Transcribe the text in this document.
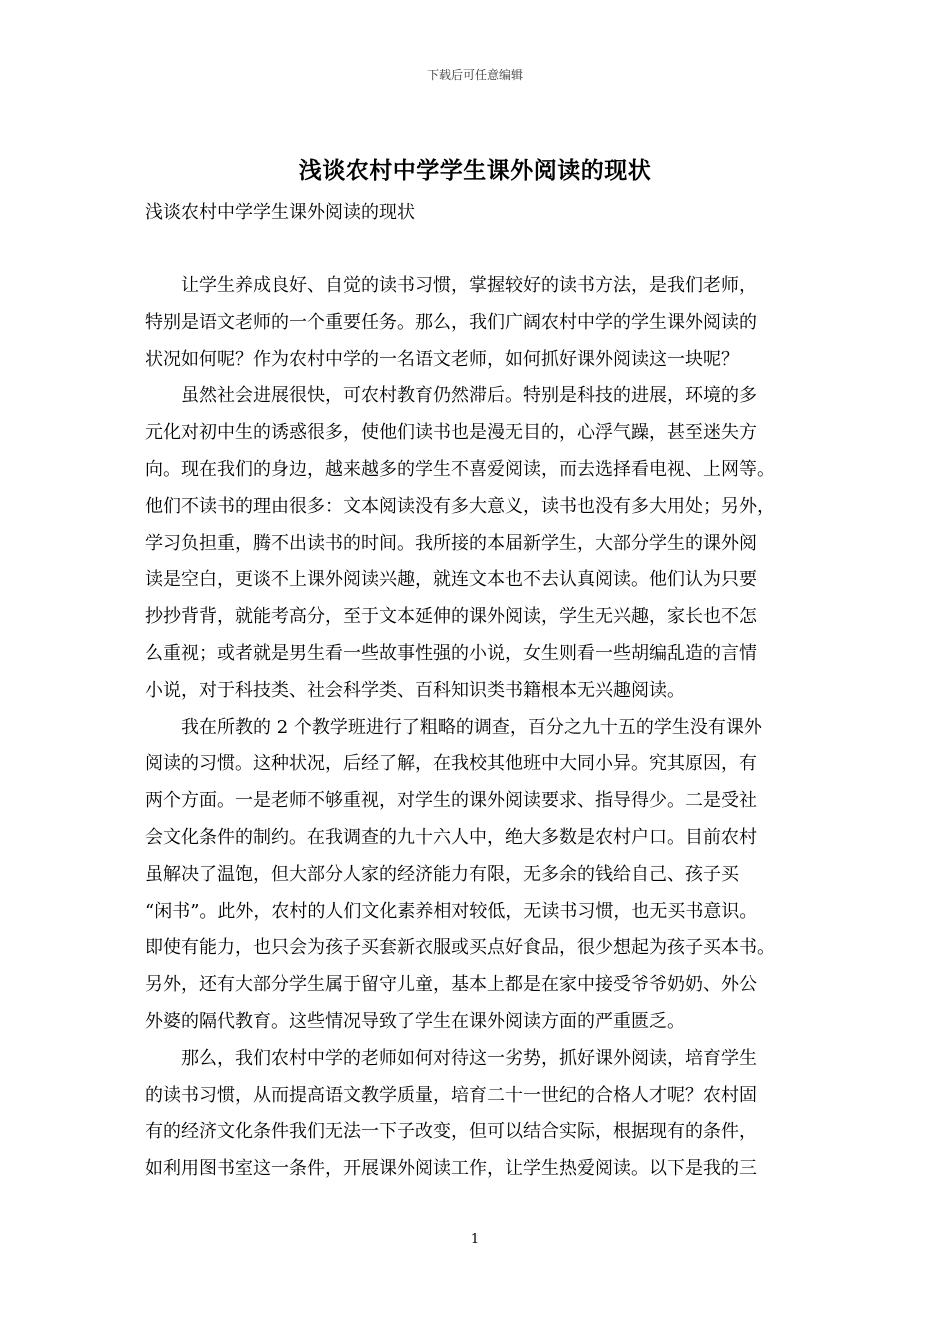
下载后可任意编辑
浅谈农村中学学生课外阅读的现状
浅谈农村中学学生课外阅读的现状
　　让学生养成良好、自觉的读书习惯，掌握较好的读书方法，是我们老师，
特别是语文老师的一个重要任务。那么，我们广阔农村中学的学生课外阅读的
状况如何呢？作为农村中学的一名语文老师，如何抓好课外阅读这一块呢？
　　虽然社会进展很快，可农村教育仍然滞后。特别是科技的进展，环境的多
元化对初中生的诱惑很多，使他们读书也是漫无目的，心浮气躁，甚至迷失方
向。现在我们的身边，越来越多的学生不喜爱阅读，而去选择看电视、上网等。
他们不读书的理由很多：文本阅读没有多大意义，读书也没有多大用处；另外，
学习负担重，腾不出读书的时间。我所接的本届新学生，大部分学生的课外阅
读是空白，更谈不上课外阅读兴趣，就连文本也不去认真阅读。他们认为只要
抄抄背背，就能考高分，至于文本延伸的课外阅读，学生无兴趣，家长也不怎
么重视；或者就是男生看一些故事性强的小说，女生则看一些胡编乱造的言情
小说，对于科技类、社会科学类、百科知识类书籍根本无兴趣阅读。
　　我在所教的 2 个教学班进行了粗略的调查，百分之九十五的学生没有课外
阅读的习惯。这种状况，后经了解，在我校其他班中大同小异。究其原因，有
两个方面。一是老师不够重视，对学生的课外阅读要求、指导得少。二是受社
会文化条件的制约。在我调查的九十六人中，绝大多数是农村户口。目前农村
虽解决了温饱，但大部分人家的经济能力有限，无多余的钱给自己、孩子买
“闲书”。此外，农村的人们文化素养相对较低，无读书习惯，也无买书意识。
即使有能力，也只会为孩子买套新衣服或买点好食品，很少想起为孩子买本书。
另外，还有大部分学生属于留守儿童，基本上都是在家中接受爷爷奶奶、外公
外婆的隔代教育。这些情况导致了学生在课外阅读方面的严重匮乏。
　　那么，我们农村中学的老师如何对待这一劣势，抓好课外阅读，培育学生
的读书习惯，从而提高语文教学质量，培育二十一世纪的合格人才呢？农村固
有的经济文化条件我们无法一下子改变，但可以结合实际，根据现有的条件，
如利用图书室这一条件，开展课外阅读工作，让学生热爱阅读。以下是我的三
1
